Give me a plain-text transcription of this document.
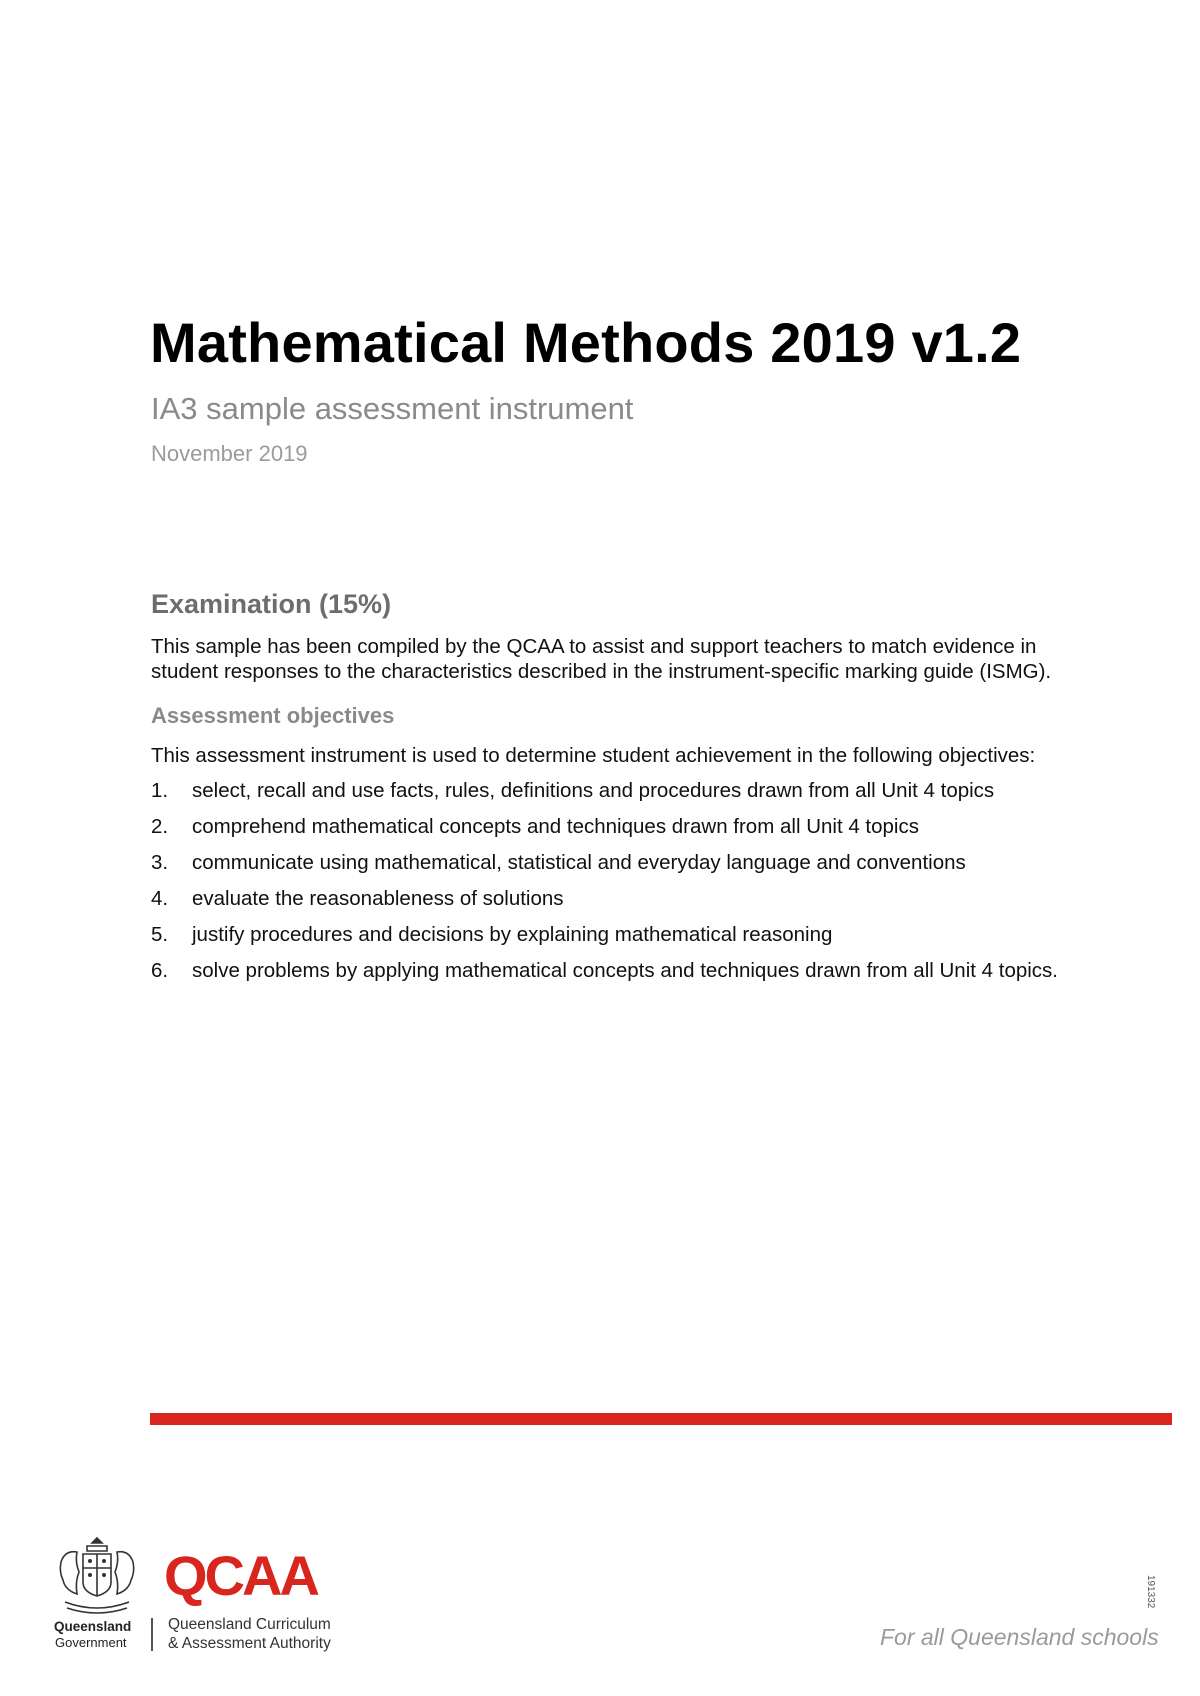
Mathematical Methods 2019 v1.2
IA3 sample assessment instrument
November 2019
Examination (15%)

This sample has been compiled by the QCAA to assist and support teachers to match evidence in student responses to the characteristics described in the instrument-specific marking guide (ISMG).

Assessment objectives

This assessment instrument is used to determine student achievement in the following objectives:

1.	select, recall and use facts, rules, definitions and procedures drawn from all Unit 4 topics
2.	comprehend mathematical concepts and techniques drawn from all Unit 4 topics
3.	communicate using mathematical, statistical and everyday language and conventions
4.	evaluate the reasonableness of solutions
5.	justify procedures and decisions by explaining mathematical reasoning
6.	solve problems by applying mathematical concepts and techniques drawn from all Unit 4 topics.
Queensland
Government
QCAA
Queensland Curriculum
& Assessment Authority	For all Queensland schools
191332
